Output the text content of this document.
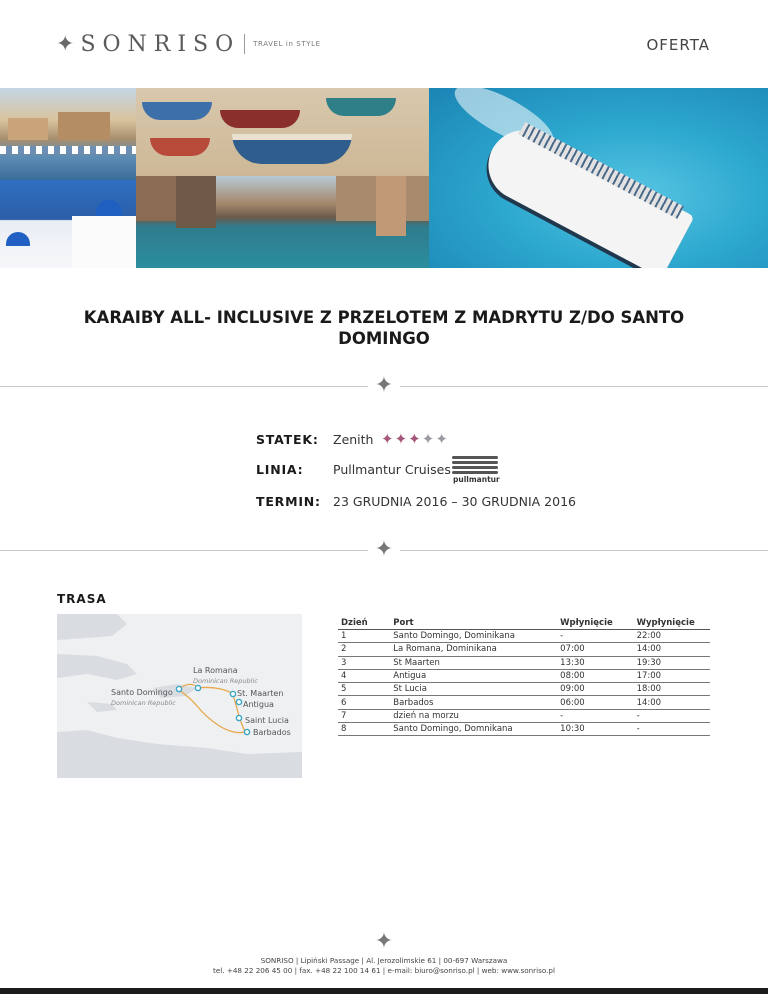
✦ SONRISO TRAVEL in STYLE	OFERTA
KARAIBY ALL- INCLUSIVE Z PRZELOTEM Z MADRYTU Z/DO SANTO DOMINGO
✦
STATEK: Zenith ✦✦✦✦✦
LINIA: Pullmantur Cruises
pullmantur
TERMIN: 23 GRUDNIA 2016 – 30 GRUDNIA 2016
✦
TRASA
La Romana
Dominican Republic
Santo Domingo
Dominican Republic
St. Maarten
Antigua
Saint Lucia
Barbados
Dzień	Port	Wpłynięcie	Wypłynięcie
1	Santo Domingo, Dominikana	-	22:00
2	La Romana, Dominikana	07:00	14:00
3	St Maarten	13:30	19:30
4	Antigua	08:00	17:00
5	St Lucia	09:00	18:00
6	Barbados	06:00	14:00
7	dzień na morzu	-	-
8	Santo Domingo, Domnikana	10:30	-
✦
SONRISO | Lipiński Passage | Al. Jerozolimskie 61 | 00-697 Warszawa
tel. +48 22 206 45 00 | fax. +48 22 100 14 61 | e-mail: biuro@sonriso.pl | web: www.sonriso.pl
